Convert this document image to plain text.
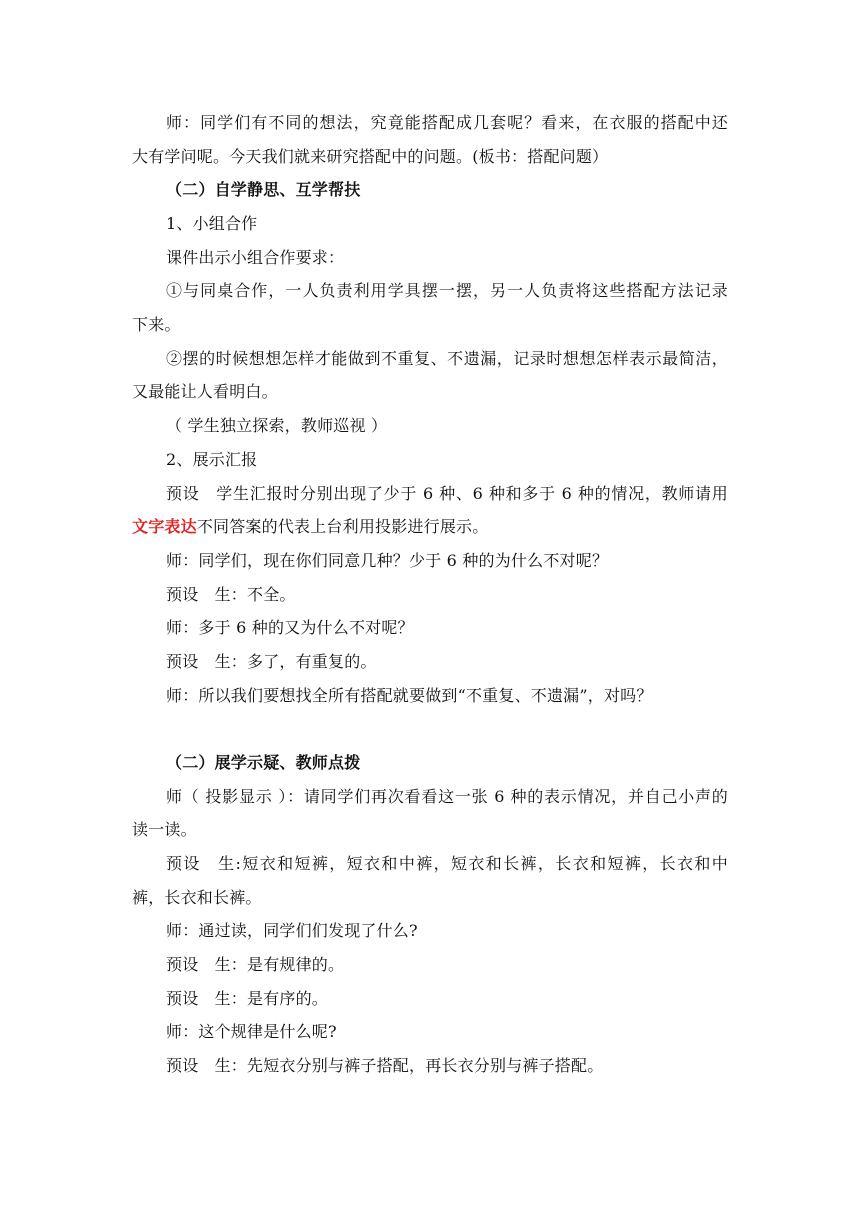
师：同学们有不同的想法，究竟能搭配成几套呢？看来，在衣服的搭配中还
大有学问呢。今天我们就来研究搭配中的问题。(板书：搭配问题）
（二）自学静思、互学帮扶
1、小组合作
课件出示小组合作要求：
①与同桌合作，一人负责利用学具摆一摆，另一人负责将这些搭配方法记录
下来。
②摆的时候想想怎样才能做到不重复、不遗漏，记录时想想怎样表示最简洁，
又最能让人看明白。
（ 学生独立探索，教师巡视 ）
2、展示汇报
预设　学生汇报时分别出现了少于 6 种、6 种和多于 6 种的情况，教师请用
文字表达不同答案的代表上台利用投影进行展示。
师：同学们，现在你们同意几种？少于 6 种的为什么不对呢？
预设　生：不全。
师：多于 6 种的又为什么不对呢？
预设　生：多了，有重复的。
师：所以我们要想找全所有搭配就要做到“不重复、不遗漏”，对吗？
（二）展学示疑、教师点拨
师（ 投影显示 ）：请同学们再次看看这一张 6 种的表示情况，并自己小声的
读一读。
预设　生:短衣和短裤，短衣和中裤，短衣和长裤，长衣和短裤，长衣和中
裤，长衣和长裤。
师：通过读，同学们们发现了什么?
预设　生：是有规律的。
预设　生：是有序的。
师：这个规律是什么呢?
预设　生：先短衣分别与裤子搭配，再长衣分别与裤子搭配。
